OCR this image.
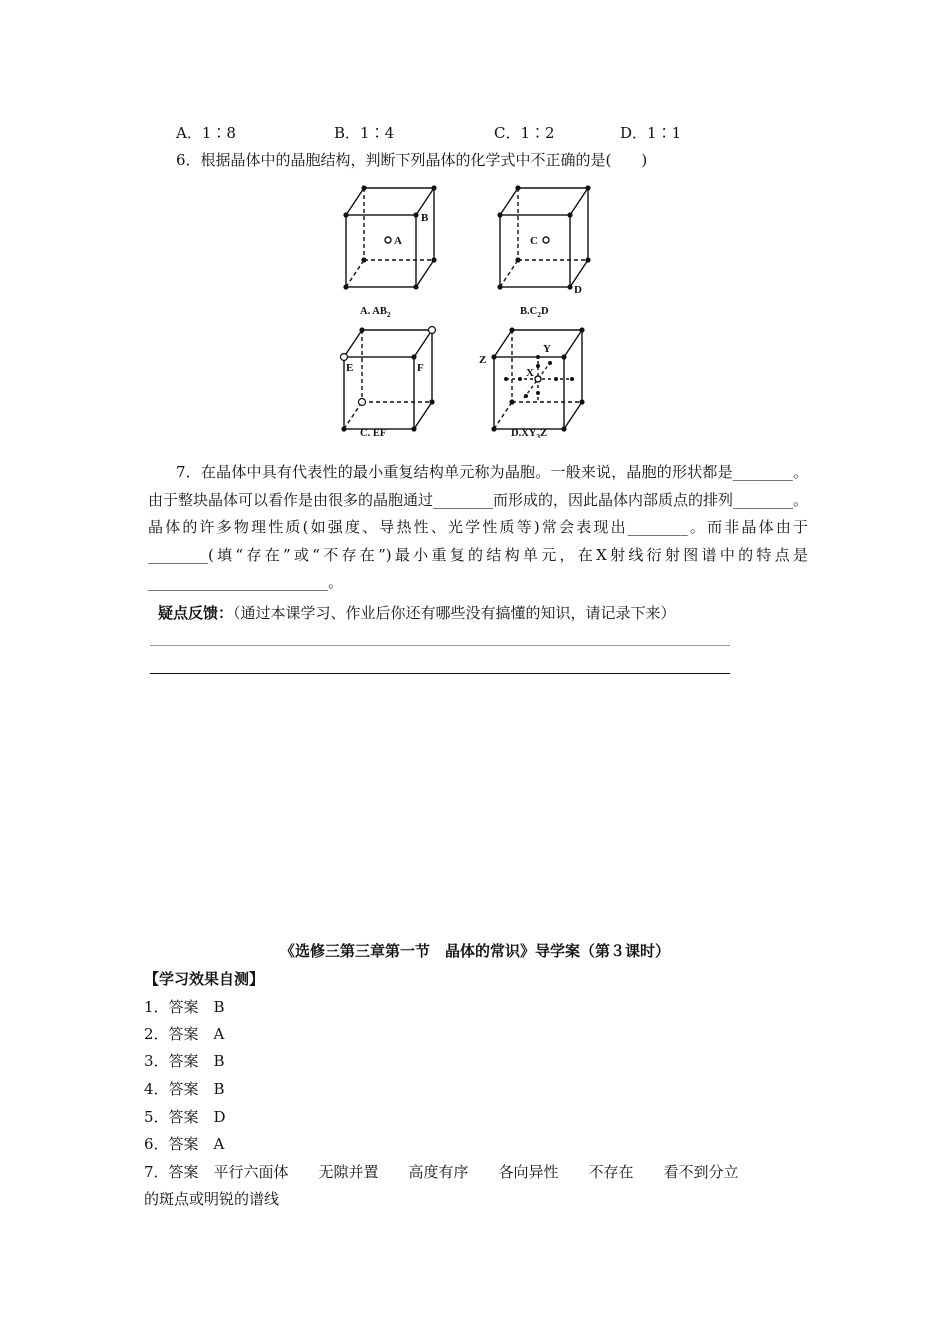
A．1∶8	B．1∶4	C．1∶2	D．1∶1
6．根据晶体中的晶胞结构，判断下列晶体的化学式中不正确的是(　　)
B
A	C
D
E	F
Z
Y
X
A. $AB_2$	$B.C_2D$
C. EF	$D.XY_3Z$
7．在晶体中具有代表性的最小重复结构单元称为晶胞。一般来说，晶胞的形状都是________。由于整块晶体可以看作是由很多的晶胞通过________而形成的，因此晶体内部质点的排列________。晶体的许多物理性质(如强度、导热性、光学性质等)常会表现出________。而非晶体由于________(填“存在”或“不存在”)最小重复的结构单元，在X射线衍射图谱中的特点是________________________。
疑点反馈：（通过本课学习、作业后你还有哪些没有搞懂的知识，请记录下来）
《选修三第三章第一节　晶体的常识》导学案（第３课时）
【学习效果自测】
1．答案　B
2．答案　A
3．答案　B
4．答案　B
5．答案　D
6．答案　A
7．答案　平行六面体　　无隙并置　　高度有序　　各向异性　　不存在　　看不到分立
的斑点或明锐的谱线
